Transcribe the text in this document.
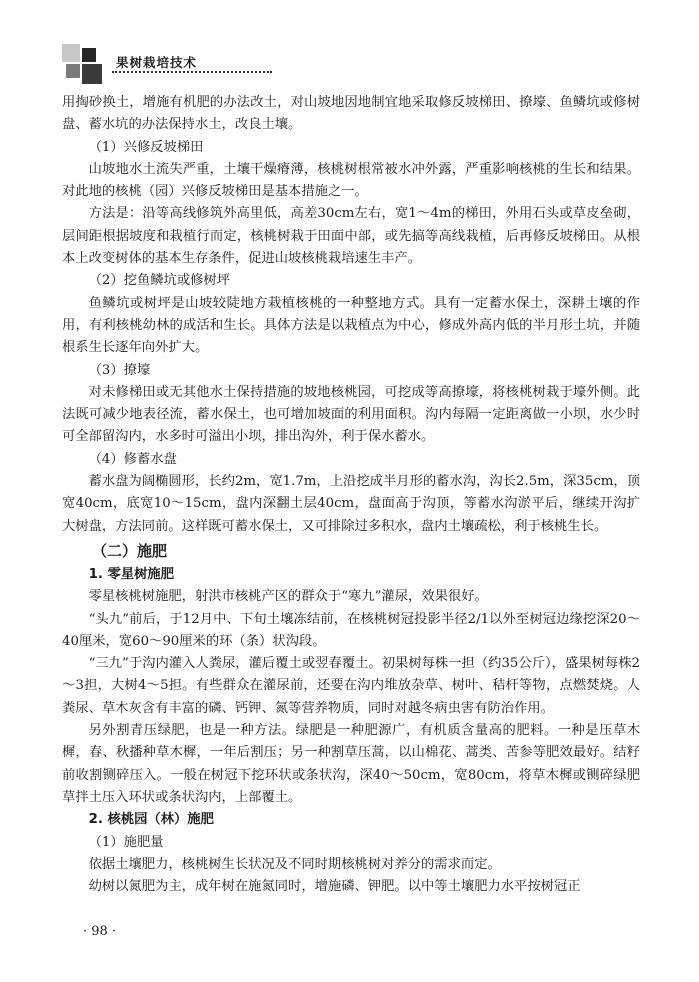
果树栽培技术

用掏砂换土，增施有机肥的办法改土，对山坡地因地制宜地采取修反坡梯田、撩壕、鱼鳞坑或修树盘、蓄水坑的办法保持水土，改良土壤。

（1）兴修反坡梯田

山坡地水土流失严重，土壤干燥瘠薄，核桃树根常被水冲外露，严重影响核桃的生长和结果。对此地的核桃（园）兴修反坡梯田是基本措施之一。

方法是：沿等高线修筑外高里低，高差30cm左右，宽1～4m的梯田，外用石头或草皮垒砌，层间距根据坡度和栽植行而定，核桃树栽于田面中部，或先搞等高线栽植，后再修反坡梯田。从根本上改变树体的基本生存条件，促进山坡核桃栽培速生丰产。

（2）挖鱼鳞坑或修树坪

鱼鳞坑或树坪是山坡较陡地方栽植核桃的一种整地方式。具有一定蓄水保土，深耕土壤的作用，有利核桃幼林的成活和生长。具体方法是以栽植点为中心，修成外高内低的半月形土坑，并随根系生长逐年向外扩大。

（3）撩壕

对未修梯田或无其他水土保持措施的坡地核桃园，可挖成等高撩壕，将核桃树栽于壕外侧。此法既可减少地表径流，蓄水保土，也可增加坡面的利用面积。沟内每隔一定距离做一小坝，水少时可全部留沟内，水多时可溢出小坝，排出沟外，利于保水蓄水。

（4）修蓄水盘

蓄水盘为阔椭圆形，长约2m，宽1.7m，上沿挖成半月形的蓄水沟，沟长2.5m，深35cm，顶宽40cm，底宽10～15cm，盘内深翻土层40cm，盘面高于沟顶，等蓄水沟淤平后，继续开沟扩大树盘，方法同前。这样既可蓄水保土，又可排除过多积水，盘内土壤疏松，利于核桃生长。

（二）施肥
1. 零星树施肥

零星核桃树施肥，射洪市核桃产区的群众于“寒九”灌尿，效果很好。

“头九”前后，于12月中、下旬土壤冻结前，在核桃树冠投影半径2/1以外至树冠边缘挖深20～40厘米，宽60～90厘米的环（条）状沟段。

“三九”于沟内灌入人粪尿，灌后覆土或翌春覆土。初果树每株一担（约35公斤），盛果树每株2～3担，大树4～5担。有些群众在灌尿前，还要在沟内堆放杂草、树叶、秸杆等物，点燃焚烧。人粪尿、草木灰含有丰富的磷、钙钾、氮等营养物质，同时对越冬病虫害有防治作用。

另外割青压绿肥，也是一种方法。绿肥是一种肥源广，有机质含量高的肥料。一种是压草木樨，春、秋播种草木樨，一年后割压；另一种割草压蒿，以山棉花、蒿类、苦参等肥效最好。结籽前收割铡碎压入。一般在树冠下挖环状或条状沟，深40～50cm，宽80cm，将草木樨或铡碎绿肥草拌土压入环状或条状沟内，上部覆土。

2. 核桃园（林）施肥

（1）施肥量

依据土壤肥力，核桃树生长状况及不同时期核桃树对养分的需求而定。

幼树以氮肥为主，成年树在施氮同时，增施磷、钾肥。以中等土壤肥力水平按树冠正

· 98 ·
